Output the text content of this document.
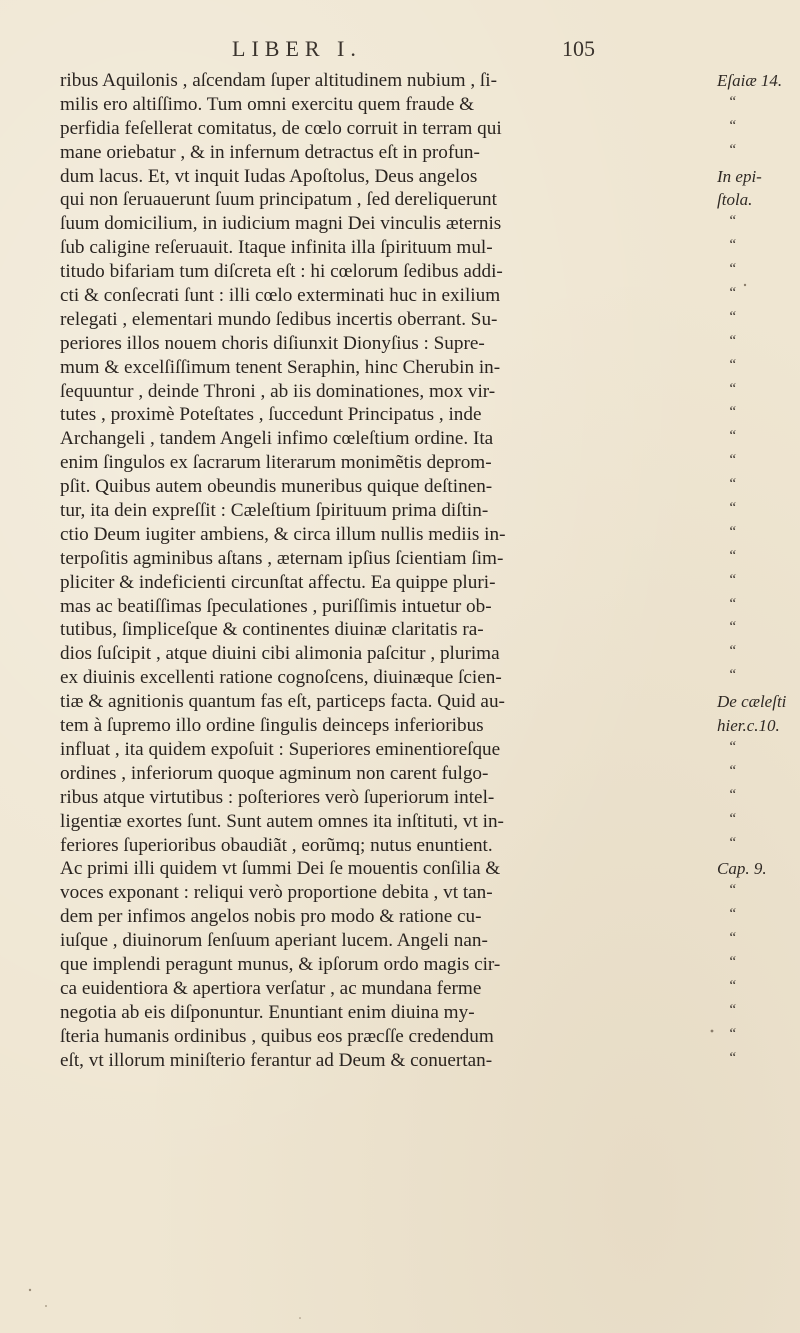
LIBER I.	105
ribus Aquilonis , aſcendam ſuper altitudinem nubium , ſi-	Eſaiæ 14.
milis ero altiſſimo. Tum omni exercitu quem fraude &	“
perfidia feſellerat comitatus, de cœlo corruit in terram qui	“
mane oriebatur , & in infernum detractus eſt in profun-	“
dum lacus. Et, vt inquit Iudas Apoſtolus, Deus angelos	In epi-
qui non ſeruauerunt ſuum principatum , ſed dereliquerunt	ſtola.
ſuum domicilium, in iudicium magni Dei vinculis æternis	“
ſub caligine reſeruauit. Itaque infinita illa ſpirituum mul-	“
titudo bifariam tum diſcreta eſt : hi cœlorum ſedibus addi-	“
cti & conſecrati ſunt : illi cœlo exterminati huc in exilium	“
relegati , elementari mundo ſedibus incertis oberrant. Su-	“
periores illos nouem choris diſiunxit Dionyſius : Supre-	“
mum & excelſiſſimum tenent Seraphin, hinc Cherubin in-	“
ſequuntur , deinde Throni , ab iis dominationes, mox vir-	“
tutes , proximè Poteſtates , ſuccedunt Principatus , inde	“
Archangeli , tandem Angeli infimo cœleſtium ordine. Ita	“
enim ſingulos ex ſacrarum literarum monimẽtis deprom-	“
pſit. Quibus autem obeundis muneribus quique deſtinen-	“
tur, ita dein expreſſit : Cæleſtium ſpirituum prima diſtin-	“
ctio Deum iugiter ambiens, & circa illum nullis mediis in-	“
terpoſitis agminibus aſtans , æternam ipſius ſcientiam ſim-	“
pliciter & indeficienti circunſtat affectu. Ea quippe pluri-	“
mas ac beatiſſimas ſpeculationes , puriſſimis intuetur ob-	“
tutibus, ſimpliceſque & continentes diuinæ claritatis ra-	“
dios ſuſcipit , atque diuini cibi alimonia paſcitur , plurima	“
ex diuinis excellenti ratione cognoſcens, diuinæque ſcien-	“
tiæ & agnitionis quantum fas eſt, particeps facta. Quid au-	De cæleſti
tem à ſupremo illo ordine ſingulis deinceps inferioribus	hier.c.10.
influat , ita quidem expoſuit : Superiores eminentioreſque	“
ordines , inferiorum quoque agminum non carent fulgo-	“
ribus atque virtutibus : poſteriores verò ſuperiorum intel-	“
ligentiæ exortes ſunt. Sunt autem omnes ita inſtituti, vt in-	“
feriores ſuperioribus obaudiãt , eorũmq; nutus enuntient.	“
Ac primi illi quidem vt ſummi Dei ſe mouentis conſilia &	Cap. 9.
voces exponant : reliqui verò proportione debita , vt tan-	“
dem per infimos angelos nobis pro modo & ratione cu-	“
iuſque , diuinorum ſenſuum aperiant lucem. Angeli nan-	“
que implendi peragunt munus, & ipſorum ordo magis cir-	“
ca euidentiora & apertiora verſatur , ac mundana ferme	“
negotia ab eis diſponuntur. Enuntiant enim diuina my-	“
ſteria humanis ordinibus , quibus eos præcſſe credendum	“
eſt, vt illorum miniſterio ferantur ad Deum & conuertan-	“
